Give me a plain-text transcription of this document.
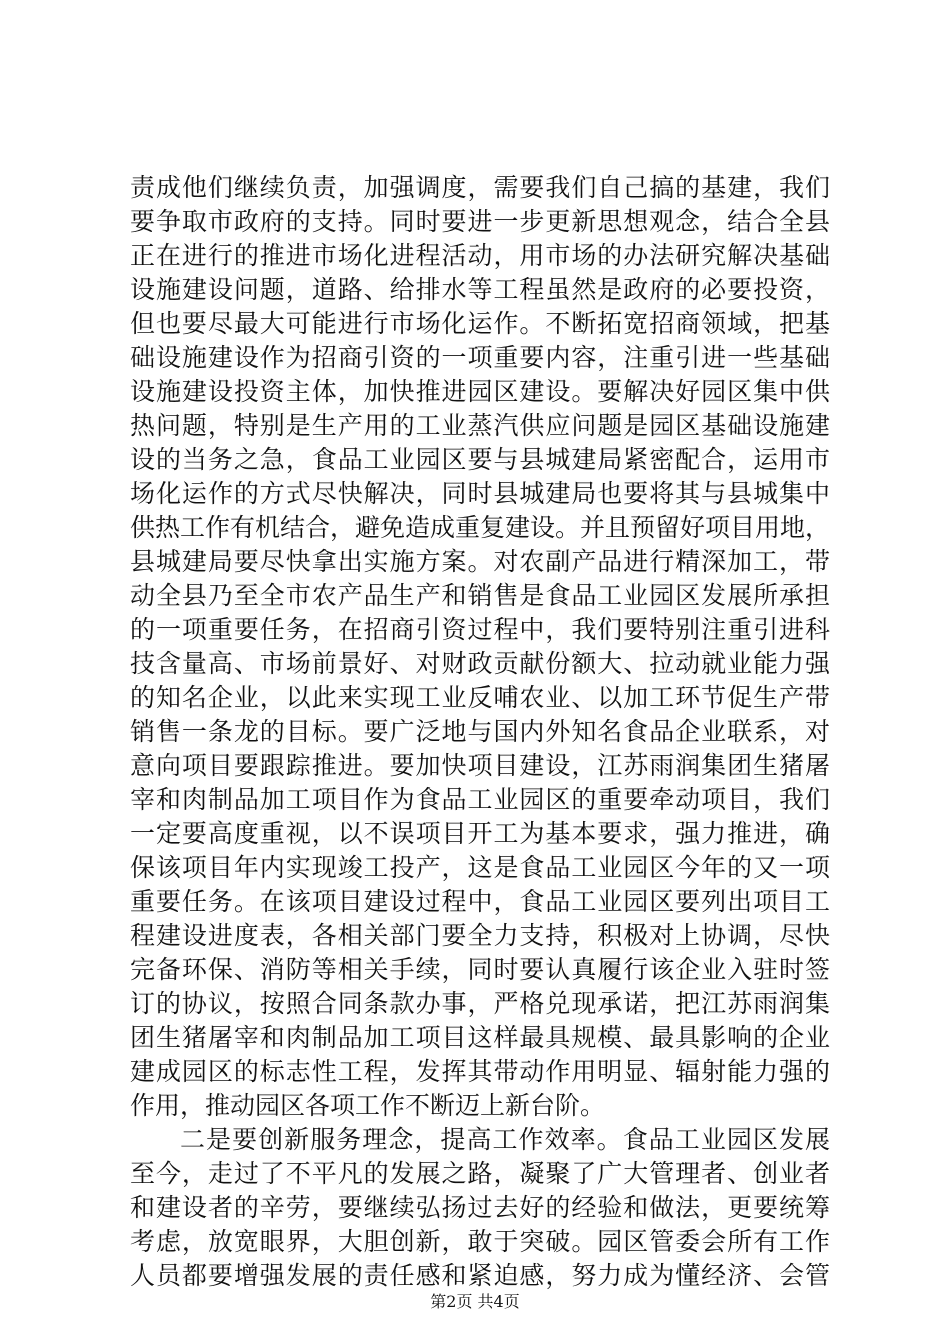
责成他们继续负责，加强调度，需要我们自己搞的基建，我们
要争取市政府的支持。同时要进一步更新思想观念，结合全县
正在进行的推进市场化进程活动，用市场的办法研究解决基础
设施建设问题，道路、给排水等工程虽然是政府的必要投资，
但也要尽最大可能进行市场化运作。不断拓宽招商领域，把基
础设施建设作为招商引资的一项重要内容，注重引进一些基础
设施建设投资主体，加快推进园区建设。要解决好园区集中供
热问题，特别是生产用的工业蒸汽供应问题是园区基础设施建
设的当务之急，食品工业园区要与县城建局紧密配合，运用市
场化运作的方式尽快解决，同时县城建局也要将其与县城集中
供热工作有机结合，避免造成重复建设。并且预留好项目用地，
县城建局要尽快拿出实施方案。对农副产品进行精深加工，带
动全县乃至全市农产品生产和销售是食品工业园区发展所承担
的一项重要任务，在招商引资过程中，我们要特别注重引进科
技含量高、市场前景好、对财政贡献份额大、拉动就业能力强
的知名企业，以此来实现工业反哺农业、以加工环节促生产带
销售一条龙的目标。要广泛地与国内外知名食品企业联系，对
意向项目要跟踪推进。要加快项目建设，江苏雨润集团生猪屠
宰和肉制品加工项目作为食品工业园区的重要牵动项目，我们
一定要高度重视，以不误项目开工为基本要求，强力推进，确
保该项目年内实现竣工投产，这是食品工业园区今年的又一项
重要任务。在该项目建设过程中，食品工业园区要列出项目工
程建设进度表，各相关部门要全力支持，积极对上协调，尽快
完备环保、消防等相关手续，同时要认真履行该企业入驻时签
订的协议，按照合同条款办事，严格兑现承诺，把江苏雨润集
团生猪屠宰和肉制品加工项目这样最具规模、最具影响的企业
建成园区的标志性工程，发挥其带动作用明显、辐射能力强的
作用，推动园区各项工作不断迈上新台阶。
二是要创新服务理念，提高工作效率。食品工业园区发展
至今，走过了不平凡的发展之路，凝聚了广大管理者、创业者
和建设者的辛劳，要继续弘扬过去好的经验和做法，更要统筹
考虑，放宽眼界，大胆创新，敢于突破。园区管委会所有工作
人员都要增强发展的责任感和紧迫感，努力成为懂经济、会管
第2页 共4页
